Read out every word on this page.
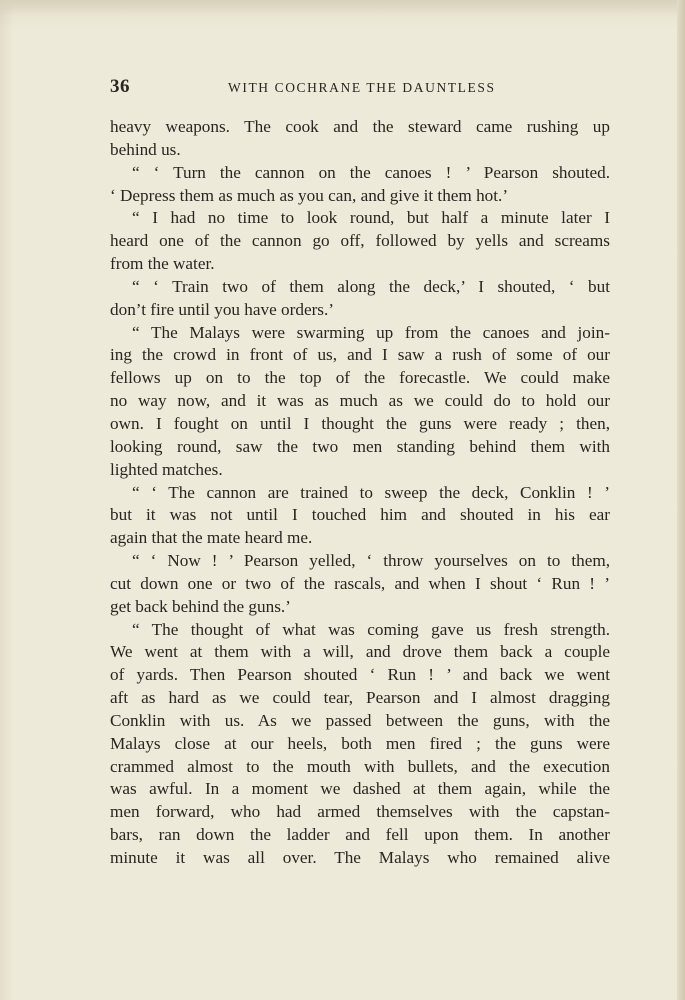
36	WITH COCHRANE THE DAUNTLESS
heavy weapons. The cook and the steward came rushing up
behind us.
“ ‘ Turn the cannon on the canoes ! ’ Pearson shouted.
‘ Depress them as much as you can, and give it them hot.’
“ I had no time to look round, but half a minute later I
heard one of the cannon go off, followed by yells and screams
from the water.
“ ‘ Train two of them along the deck,’ I shouted, ‘ but
don’t fire until you have orders.’
“ The Malays were swarming up from the canoes and join-
ing the crowd in front of us, and I saw a rush of some of our
fellows up on to the top of the forecastle. We could make
no way now, and it was as much as we could do to hold our
own. I fought on until I thought the guns were ready ; then,
looking round, saw the two men standing behind them with
lighted matches.
“ ‘ The cannon are trained to sweep the deck, Conklin ! ’
but it was not until I touched him and shouted in his ear
again that the mate heard me.
“ ‘ Now ! ’ Pearson yelled, ‘ throw yourselves on to them,
cut down one or two of the rascals, and when I shout ‘ Run ! ’
get back behind the guns.’
“ The thought of what was coming gave us fresh strength.
We went at them with a will, and drove them back a couple
of yards. Then Pearson shouted ‘ Run ! ’ and back we went
aft as hard as we could tear, Pearson and I almost dragging
Conklin with us. As we passed between the guns, with the
Malays close at our heels, both men fired ; the guns were
crammed almost to the mouth with bullets, and the execution
was awful. In a moment we dashed at them again, while the
men forward, who had armed themselves with the capstan-
bars, ran down the ladder and fell upon them. In another
minute it was all over. The Malays who remained alive
